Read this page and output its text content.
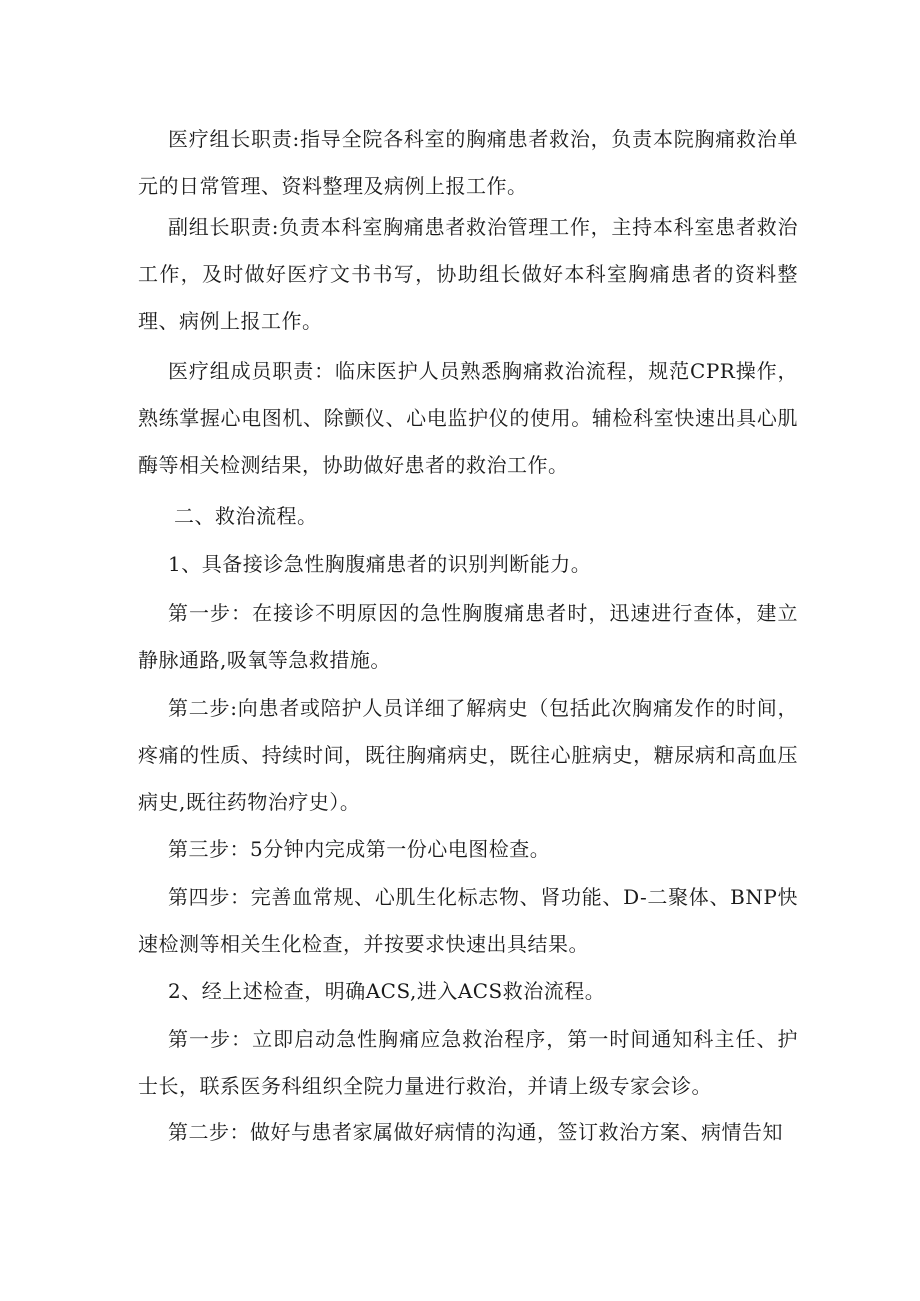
医疗组长职责:指导全院各科室的胸痛患者救治，负责本院胸痛救治单元的日常管理、资料整理及病例上报工作。

副组长职责:负责本科室胸痛患者救治管理工作，主持本科室患者救治工作，及时做好医疗文书书写，协助组长做好本科室胸痛患者的资料整理、病例上报工作。

医疗组成员职责：临床医护人员熟悉胸痛救治流程，规范CPR操作，熟练掌握心电图机、除颤仪、心电监护仪的使用。辅检科室快速出具心肌酶等相关检测结果，协助做好患者的救治工作。

二、救治流程。

1、具备接诊急性胸腹痛患者的识别判断能力。

第一步：在接诊不明原因的急性胸腹痛患者时，迅速进行查体，建立静脉通路,吸氧等急救措施。

第二步:向患者或陪护人员详细了解病史（包括此次胸痛发作的时间，疼痛的性质、持续时间，既往胸痛病史，既往心脏病史，糖尿病和高血压病史,既往药物治疗史）。

第三步：5分钟内完成第一份心电图检查。

第四步：完善血常规、心肌生化标志物、肾功能、D-二聚体、BNP快速检测等相关生化检查，并按要求快速出具结果。

2、经上述检查，明确ACS,进入ACS救治流程。

第一步：立即启动急性胸痛应急救治程序，第一时间通知科主任、护士长，联系医务科组织全院力量进行救治，并请上级专家会诊。

第二步：做好与患者家属做好病情的沟通，签订救治方案、病情告知
